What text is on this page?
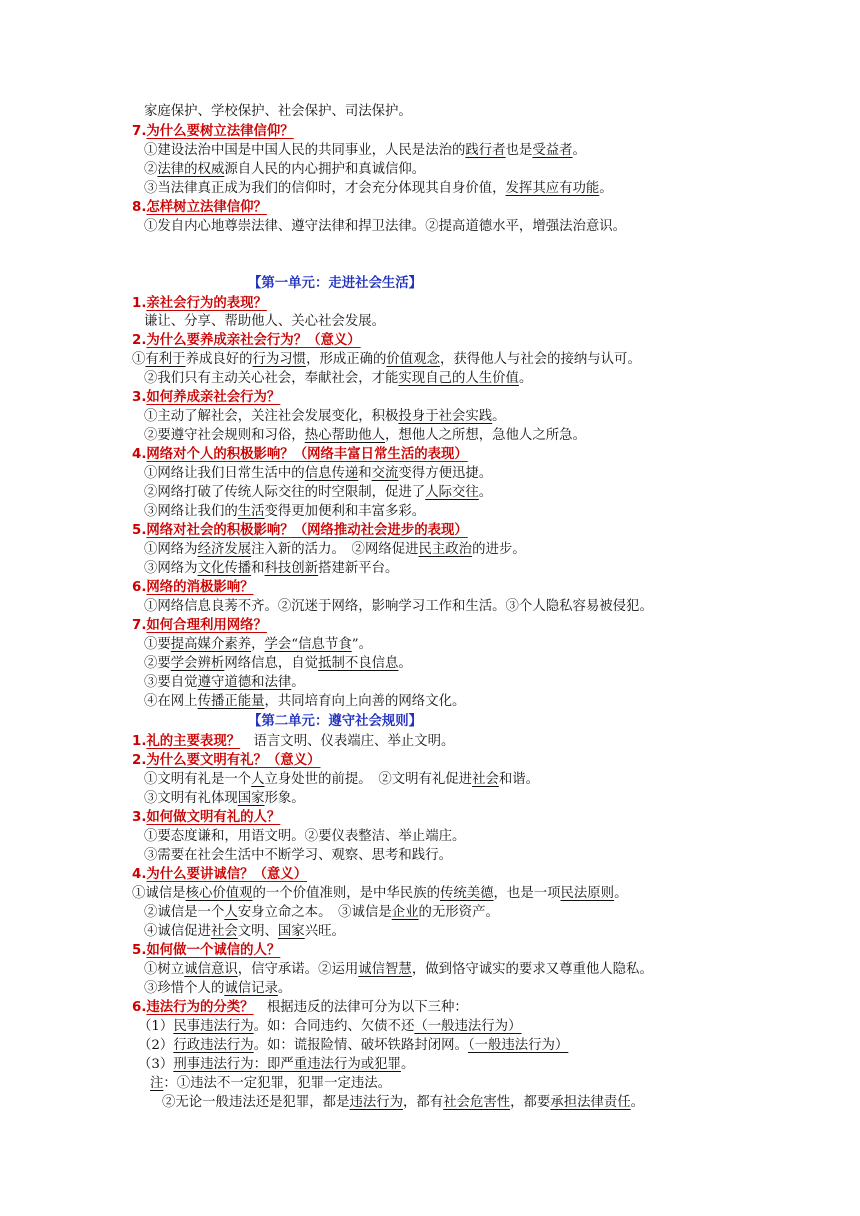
家庭保护、学校保护、社会保护、司法保护。
7.为什么要树立法律信仰？
①建设法治中国是中国人民的共同事业，人民是法治的践行者也是受益者。
②法律的权威源自人民的内心拥护和真诚信仰。
③当法律真正成为我们的信仰时，才会充分体现其自身价值，发挥其应有功能。
8.怎样树立法律信仰？
①发自内心地尊崇法律、遵守法律和捍卫法律。②提高道德水平，增强法治意识。
【第一单元：走进社会生活】
1.亲社会行为的表现？
谦让、分享、帮助他人、关心社会发展。
2.为什么要养成亲社会行为？（意义）
①有利于养成良好的行为习惯，形成正确的价值观念，获得他人与社会的接纳与认可。
②我们只有主动关心社会，奉献社会，才能实现自己的人生价值。
3.如何养成亲社会行为？
①主动了解社会，关注社会发展变化，积极投身于社会实践。
②要遵守社会规则和习俗，热心帮助他人，想他人之所想，急他人之所急。
4.网络对个人的积极影响？（网络丰富日常生活的表现）
①网络让我们日常生活中的信息传递和交流变得方便迅捷。
②网络打破了传统人际交往的时空限制，促进了人际交往。
③网络让我们的生活变得更加便利和丰富多彩。
5.网络对社会的积极影响？（网络推动社会进步的表现）
①网络为经济发展注入新的活力。　②网络促进民主政治的进步。
③网络为文化传播和科技创新搭建新平台。
6.网络的消极影响？
①网络信息良莠不齐。②沉迷于网络，影响学习工作和生活。③个人隐私容易被侵犯。
7.如何合理利用网络？
①要提高媒介素养，学会“信息节食”。
②要学会辨析网络信息，自觉抵制不良信息。
③要自觉遵守道德和法律。
④在网上传播正能量，共同培育向上向善的网络文化。
【第二单元：遵守社会规则】
1.礼的主要表现？　语言文明、仪表端庄、举止文明。
2.为什么要文明有礼？（意义）
①文明有礼是一个人立身处世的前提。　②文明有礼促进社会和谐。
③文明有礼体现国家形象。
3.如何做文明有礼的人？
①要态度谦和，用语文明。②要仪表整洁、举止端庄。
③需要在社会生活中不断学习、观察、思考和践行。
4.为什么要讲诚信？（意义）
①诚信是核心价值观的一个价值准则，是中华民族的传统美德，也是一项民法原则。
②诚信是一个人安身立命之本。　③诚信是企业的无形资产。
④诚信促进社会文明、国家兴旺。
5.如何做一个诚信的人？
①树立诚信意识，信守承诺。②运用诚信智慧，做到恪守诚实的要求又尊重他人隐私。
③珍惜个人的诚信记录。
6.违法行为的分类？　根据违反的法律可分为以下三种：
（1）民事违法行为。如：合同违约、欠债不还（一般违法行为）
（2）行政违法行为。如：谎报险情、破坏铁路封闭网。（一般违法行为）
（3）刑事违法行为：即严重违法行为或犯罪。
注：①违法不一定犯罪，犯罪一定违法。
②无论一般违法还是犯罪，都是违法行为，都有社会危害性，都要承担法律责任。
